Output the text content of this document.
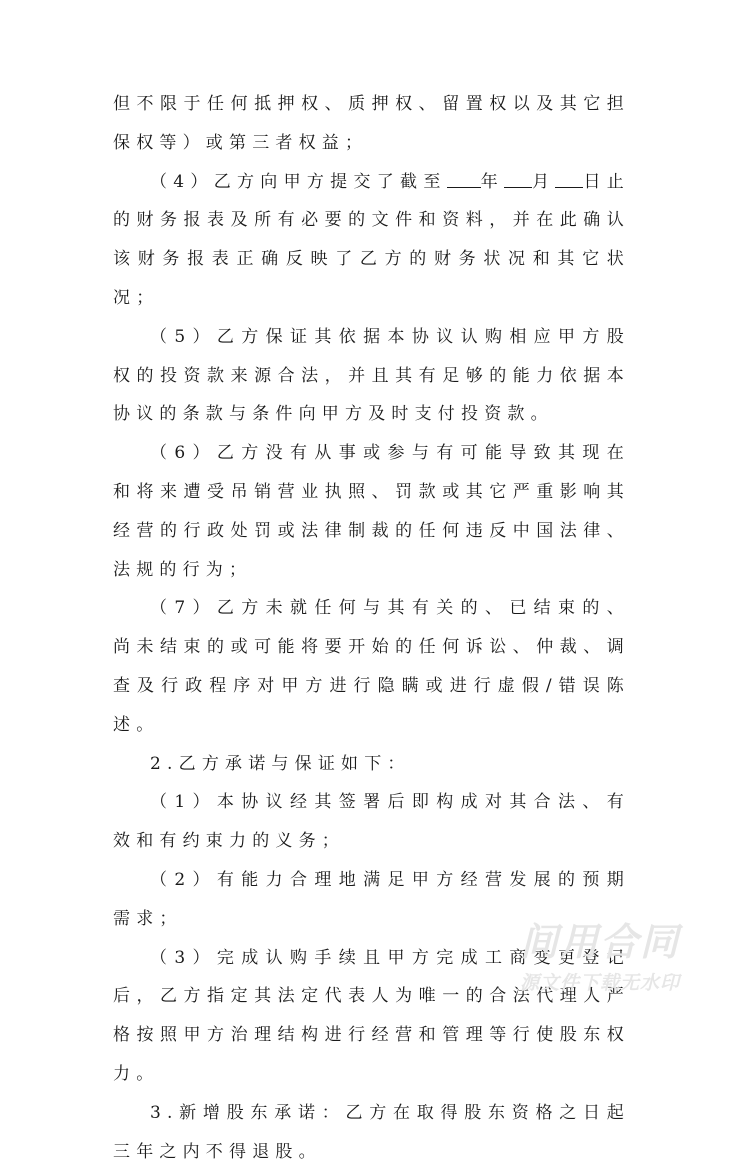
但不限于任何抵押权、质押权、留置权以及其它担保权等）或第三者权益；

（4）乙方向甲方提交了截至 年 月 日止的财务报表及所有必要的文件和资料，并在此确认该财务报表正确反映了乙方的财务状况和其它状况；

（5）乙方保证其依据本协议认购相应甲方股权的投资款来源合法，并且其有足够的能力依据本协议的条款与条件向甲方及时支付投资款。

（6）乙方没有从事或参与有可能导致其现在和将来遭受吊销营业执照、罚款或其它严重影响其经营的行政处罚或法律制裁的任何违反中国法律、法规的行为；

（7）乙方未就任何与其有关的、已结束的、尚未结束的或可能将要开始的任何诉讼、仲裁、调查及行政程序对甲方进行隐瞒或进行虚假/错误陈述。

2.乙方承诺与保证如下：

（1）本协议经其签署后即构成对其合法、有效和有约束力的义务；

（2）有能力合理地满足甲方经营发展的预期需求；

（3）完成认购手续且甲方完成工商变更登记后，乙方指定其法定代表人为唯一的合法代理人严格按照甲方治理结构进行经营和管理等行使股东权力。

3.新增股东承诺：乙方在取得股东资格之日起三年之内不得退股。

间用合同
源文件下载无水印
